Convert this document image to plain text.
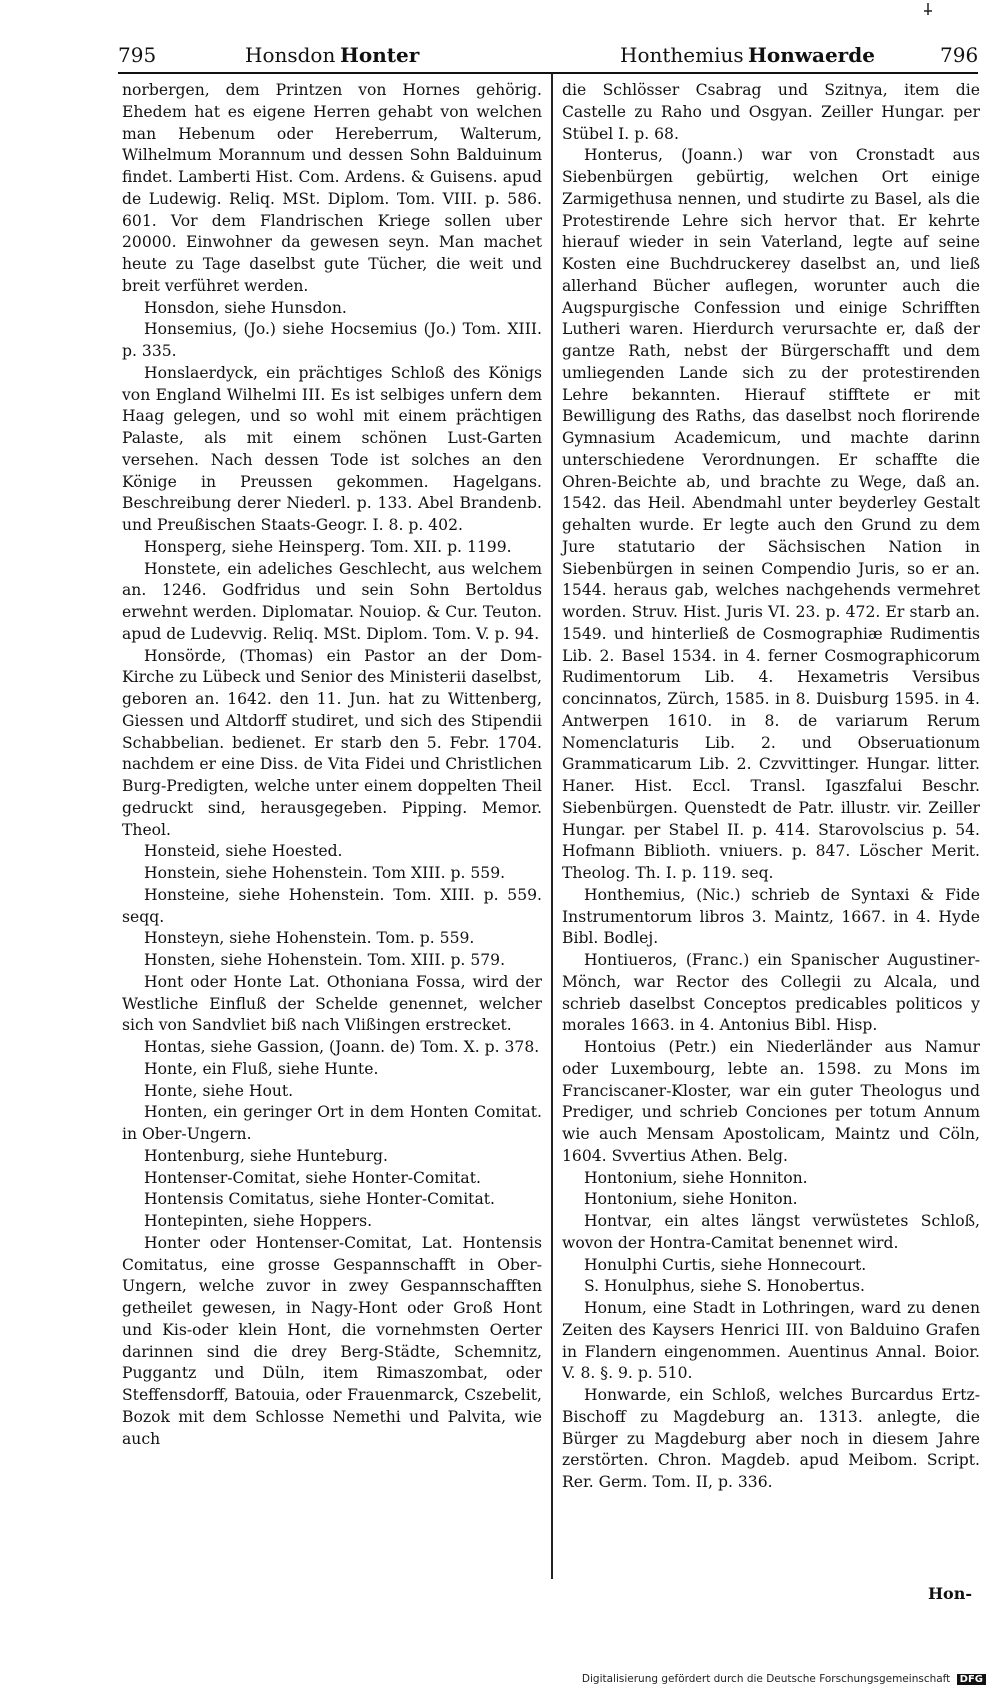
795	Honsdon Honter	Honthemius Honwaerde	796

norbergen, dem Printzen von Hornes gehörig. Ehedem hat es eigene Herren gehabt von welchen man Hebenum oder Hereberrum, Walterum, Wilhelmum Morannum und dessen Sohn Balduinum findet. Lamberti Hist. Com. Ardens. & Guisens. apud de Ludewig. Reliq. MSt. Diplom. Tom. VIII. p. 586. 601. Vor dem Flandrischen Kriege sollen uber 20000. Einwohner da gewesen seyn. Man machet heute zu Tage daselbst gute Tücher, die weit und breit verführet werden.

Honsdon, siehe Hunsdon.

Honsemius, (Jo.) siehe Hocsemius (Jo.) Tom. XIII. p. 335.

Honslaerdyck, ein prächtiges Schloß des Königs von England Wilhelmi III. Es ist selbiges unfern dem Haag gelegen, und so wohl mit einem prächtigen Palaste, als mit einem schönen Lust-Garten versehen. Nach dessen Tode ist solches an den Könige in Preussen gekommen. Hagelgans. Beschreibung derer Niederl. p. 133. Abel Brandenb. und Preußischen Staats-Geogr. I. 8. p. 402.

Honsperg, siehe Heinsperg. Tom. XII. p. 1199.

Honstete, ein adeliches Geschlecht, aus welchem an. 1246. Godfridus und sein Sohn Bertoldus erwehnt werden. Diplomatar. Nouiop. & Cur. Teuton. apud de Ludevvig. Reliq. MSt. Diplom. Tom. V. p. 94.

Honsörde, (Thomas) ein Pastor an der Dom-Kirche zu Lübeck und Senior des Ministerii daselbst, geboren an. 1642. den 11. Jun. hat zu Wittenberg, Giessen und Altdorff studiret, und sich des Stipendii Schabbelian. bedienet. Er starb den 5. Febr. 1704. nachdem er eine Diss. de Vita Fidei und Christlichen Burg-Predigten, welche unter einem doppelten Theil gedruckt sind, herausgegeben. Pipping. Memor. Theol.

Honsteid, siehe Hoested.

Honstein, siehe Hohenstein. Tom XIII. p. 559.

Honsteine, siehe Hohenstein. Tom. XIII. p. 559. seqq.

Honsteyn, siehe Hohenstein. Tom. p. 559.

Honsten, siehe Hohenstein. Tom. XIII. p. 579.

Hont oder Honte Lat. Othoniana Fossa, wird der Westliche Einfluß der Schelde genennet, welcher sich von Sandvliet biß nach Vlißingen erstrecket.

Hontas, siehe Gassion, (Joann. de) Tom. X. p. 378.

Honte, ein Fluß, siehe Hunte.

Honte, siehe Hout.

Honten, ein geringer Ort in dem Honten Comitat. in Ober-Ungern.

Hontenburg, siehe Hunteburg.

Hontenser-Comitat, siehe Honter-Comitat.

Hontensis Comitatus, siehe Honter-Comitat.

Hontepinten, siehe Hoppers.

Honter oder Hontenser-Comitat, Lat. Hontensis Comitatus, eine grosse Gespannschafft in Ober-Ungern, welche zuvor in zwey Gespannschafften getheilet gewesen, in Nagy-Hont oder Groß Hont und Kis-oder klein Hont, die vornehmsten Oerter darinnen sind die drey Berg-Städte, Schemnitz, Puggantz und Düln, item Rimaszombat, oder Steffensdorff, Batouia, oder Frauenmarck, Cszebelit, Bozok mit dem Schlosse Nemethi und Palvita, wie auch

die Schlösser Csabrag und Szitnya, item die Castelle zu Raho und Osgyan. Zeiller Hungar. per Stübel I. p. 68.

Honterus, (Joann.) war von Cronstadt aus Siebenbürgen gebürtig, welchen Ort einige Zarmigethusa nennen, und studirte zu Basel, als die Protestirende Lehre sich hervor that. Er kehrte hierauf wieder in sein Vaterland, legte auf seine Kosten eine Buchdruckerey daselbst an, und ließ allerhand Bücher auflegen, worunter auch die Augspurgische Confession und einige Schrifften Lutheri waren. Hierdurch verursachte er, daß der gantze Rath, nebst der Bürgerschafft und dem umliegenden Lande sich zu der protestirenden Lehre bekannten. Hierauf stifftete er mit Bewilligung des Raths, das daselbst noch florirende Gymnasium Academicum, und machte darinn unterschiedene Verordnungen. Er schaffte die Ohren-Beichte ab, und brachte zu Wege, daß an. 1542. das Heil. Abendmahl unter beyderley Gestalt gehalten wurde. Er legte auch den Grund zu dem Jure statutario der Sächsischen Nation in Siebenbürgen in seinen Compendio Juris, so er an. 1544. heraus gab, welches nachgehends vermehret worden. Struv. Hist. Juris VI. 23. p. 472. Er starb an. 1549. und hinterließ de Cosmographiæ Rudimentis Lib. 2. Basel 1534. in 4. ferner Cosmographicorum Rudimentorum Lib. 4. Hexametris Versibus concinnatos, Zürch, 1585. in 8. Duisburg 1595. in 4. Antwerpen 1610. in 8. de variarum Rerum Nomenclaturis Lib. 2. und Obseruationum Grammaticarum Lib. 2. Czvvittinger. Hungar. litter. Haner. Hist. Eccl. Transl. Igaszfalui Beschr. Siebenbürgen. Quenstedt de Patr. illustr. vir. Zeiller Hungar. per Stabel II. p. 414. Starovolscius p. 54. Hofmann Biblioth. vniuers. p. 847. Löscher Merit. Theolog. Th. I. p. 119. seq.

Honthemius, (Nic.) schrieb de Syntaxi & Fide Instrumentorum libros 3. Maintz, 1667. in 4. Hyde Bibl. Bodlej.

Hontiueros, (Franc.) ein Spanischer Augustiner-Mönch, war Rector des Collegii zu Alcala, und schrieb daselbst Conceptos predicables politicos y morales 1663. in 4. Antonius Bibl. Hisp.

Hontoius (Petr.) ein Niederländer aus Namur oder Luxembourg, lebte an. 1598. zu Mons im Franciscaner-Kloster, war ein guter Theologus und Prediger, und schrieb Conciones per totum Annum wie auch Mensam Apostolicam, Maintz und Cöln, 1604. Svvertius Athen. Belg.

Hontonium, siehe Honniton.

Hontonium, siehe Honiton.

Hontvar, ein altes längst verwüstetes Schloß, wovon der Hontra-Camitat benennet wird.

Honulphi Curtis, siehe Honnecourt.

S. Honulphus, siehe S. Honobertus.

Honum, eine Stadt in Lothringen, ward zu denen Zeiten des Kaysers Henrici III. von Balduino Grafen in Flandern eingenommen. Auentinus Annal. Boior. V. 8. §. 9. p. 510.

Honwarde, ein Schloß, welches Burcardus Ertz-Bischoff zu Magdeburg an. 1313. anlegte, die Bürger zu Magdeburg aber noch in diesem Jahre zerstörten. Chron. Magdeb. apud Meibom. Script. Rer. Germ. Tom. II, p. 336.

Hon-
Digitalisierung gefördert durch die Deutsche Forschungsgemeinschaft DFG
